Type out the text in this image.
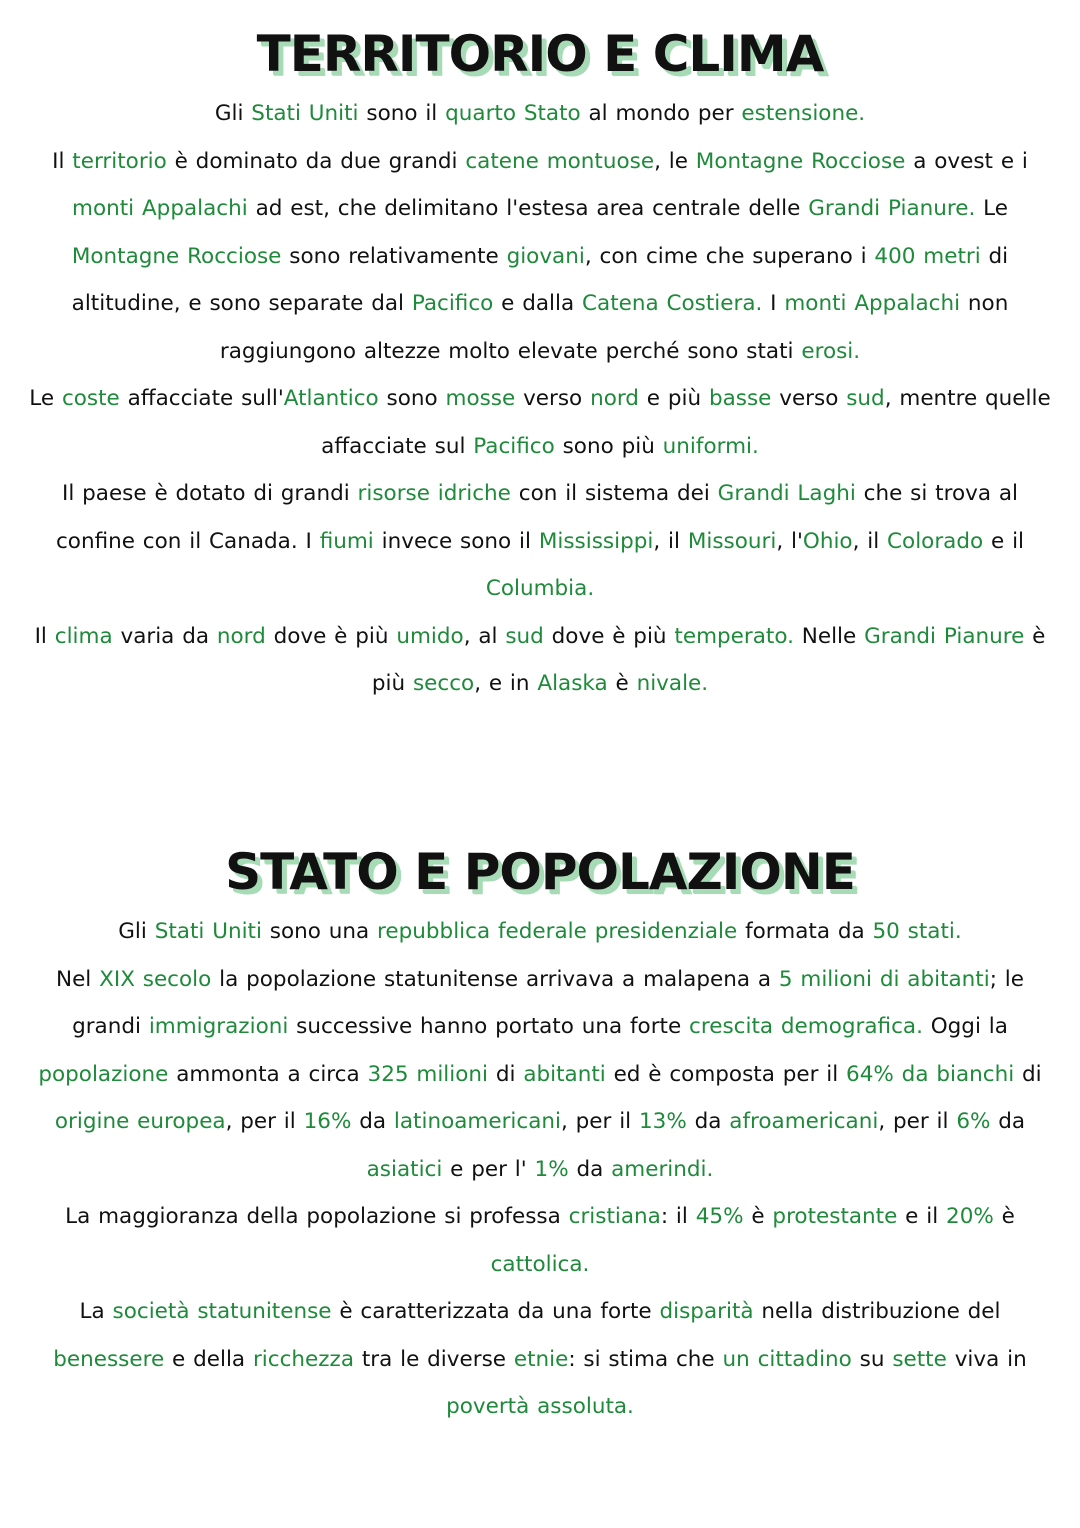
TERRITORIO E CLIMA

Gli Stati Uniti sono il quarto Stato al mondo per estensione.

Il territorio è dominato da due grandi catene montuose, le Montagne Rocciose a ovest e i monti Appalachi ad est, che delimitano l'estesa area centrale delle Grandi Pianure. Le Montagne Rocciose sono relativamente giovani, con cime che superano i 400 metri di altitudine, e sono separate dal Pacifico e dalla Catena Costiera. I monti Appalachi non raggiungono altezze molto elevate perché sono stati erosi.

Le coste affacciate sull'Atlantico sono mosse verso nord e più basse verso sud, mentre quelle affacciate sul Pacifico sono più uniformi.

Il paese è dotato di grandi risorse idriche con il sistema dei Grandi Laghi che si trova al confine con il Canada. I fiumi invece sono il Mississippi, il Missouri, l'Ohio, il Colorado e il Columbia.

Il clima varia da nord dove è più umido, al sud dove è più temperato. Nelle Grandi Pianure è più secco, e in Alaska è nivale.

STATO E POPOLAZIONE

Gli Stati Uniti sono una repubblica federale presidenziale formata da 50 stati.

Nel XIX secolo la popolazione statunitense arrivava a malapena a 5 milioni di abitanti; le grandi immigrazioni successive hanno portato una forte crescita demografica. Oggi la popolazione ammonta a circa 325 milioni di abitanti ed è composta per il 64% da bianchi di origine europea, per il 16% da latinoamericani, per il 13% da afroamericani, per il 6% da asiatici e per l' 1% da amerindi.

La maggioranza della popolazione si professa cristiana: il 45% è protestante e il 20% è cattolica.

La società statunitense è caratterizzata da una forte disparità nella distribuzione del benessere e della ricchezza tra le diverse etnie: si stima che un cittadino su sette viva in povertà assoluta.
